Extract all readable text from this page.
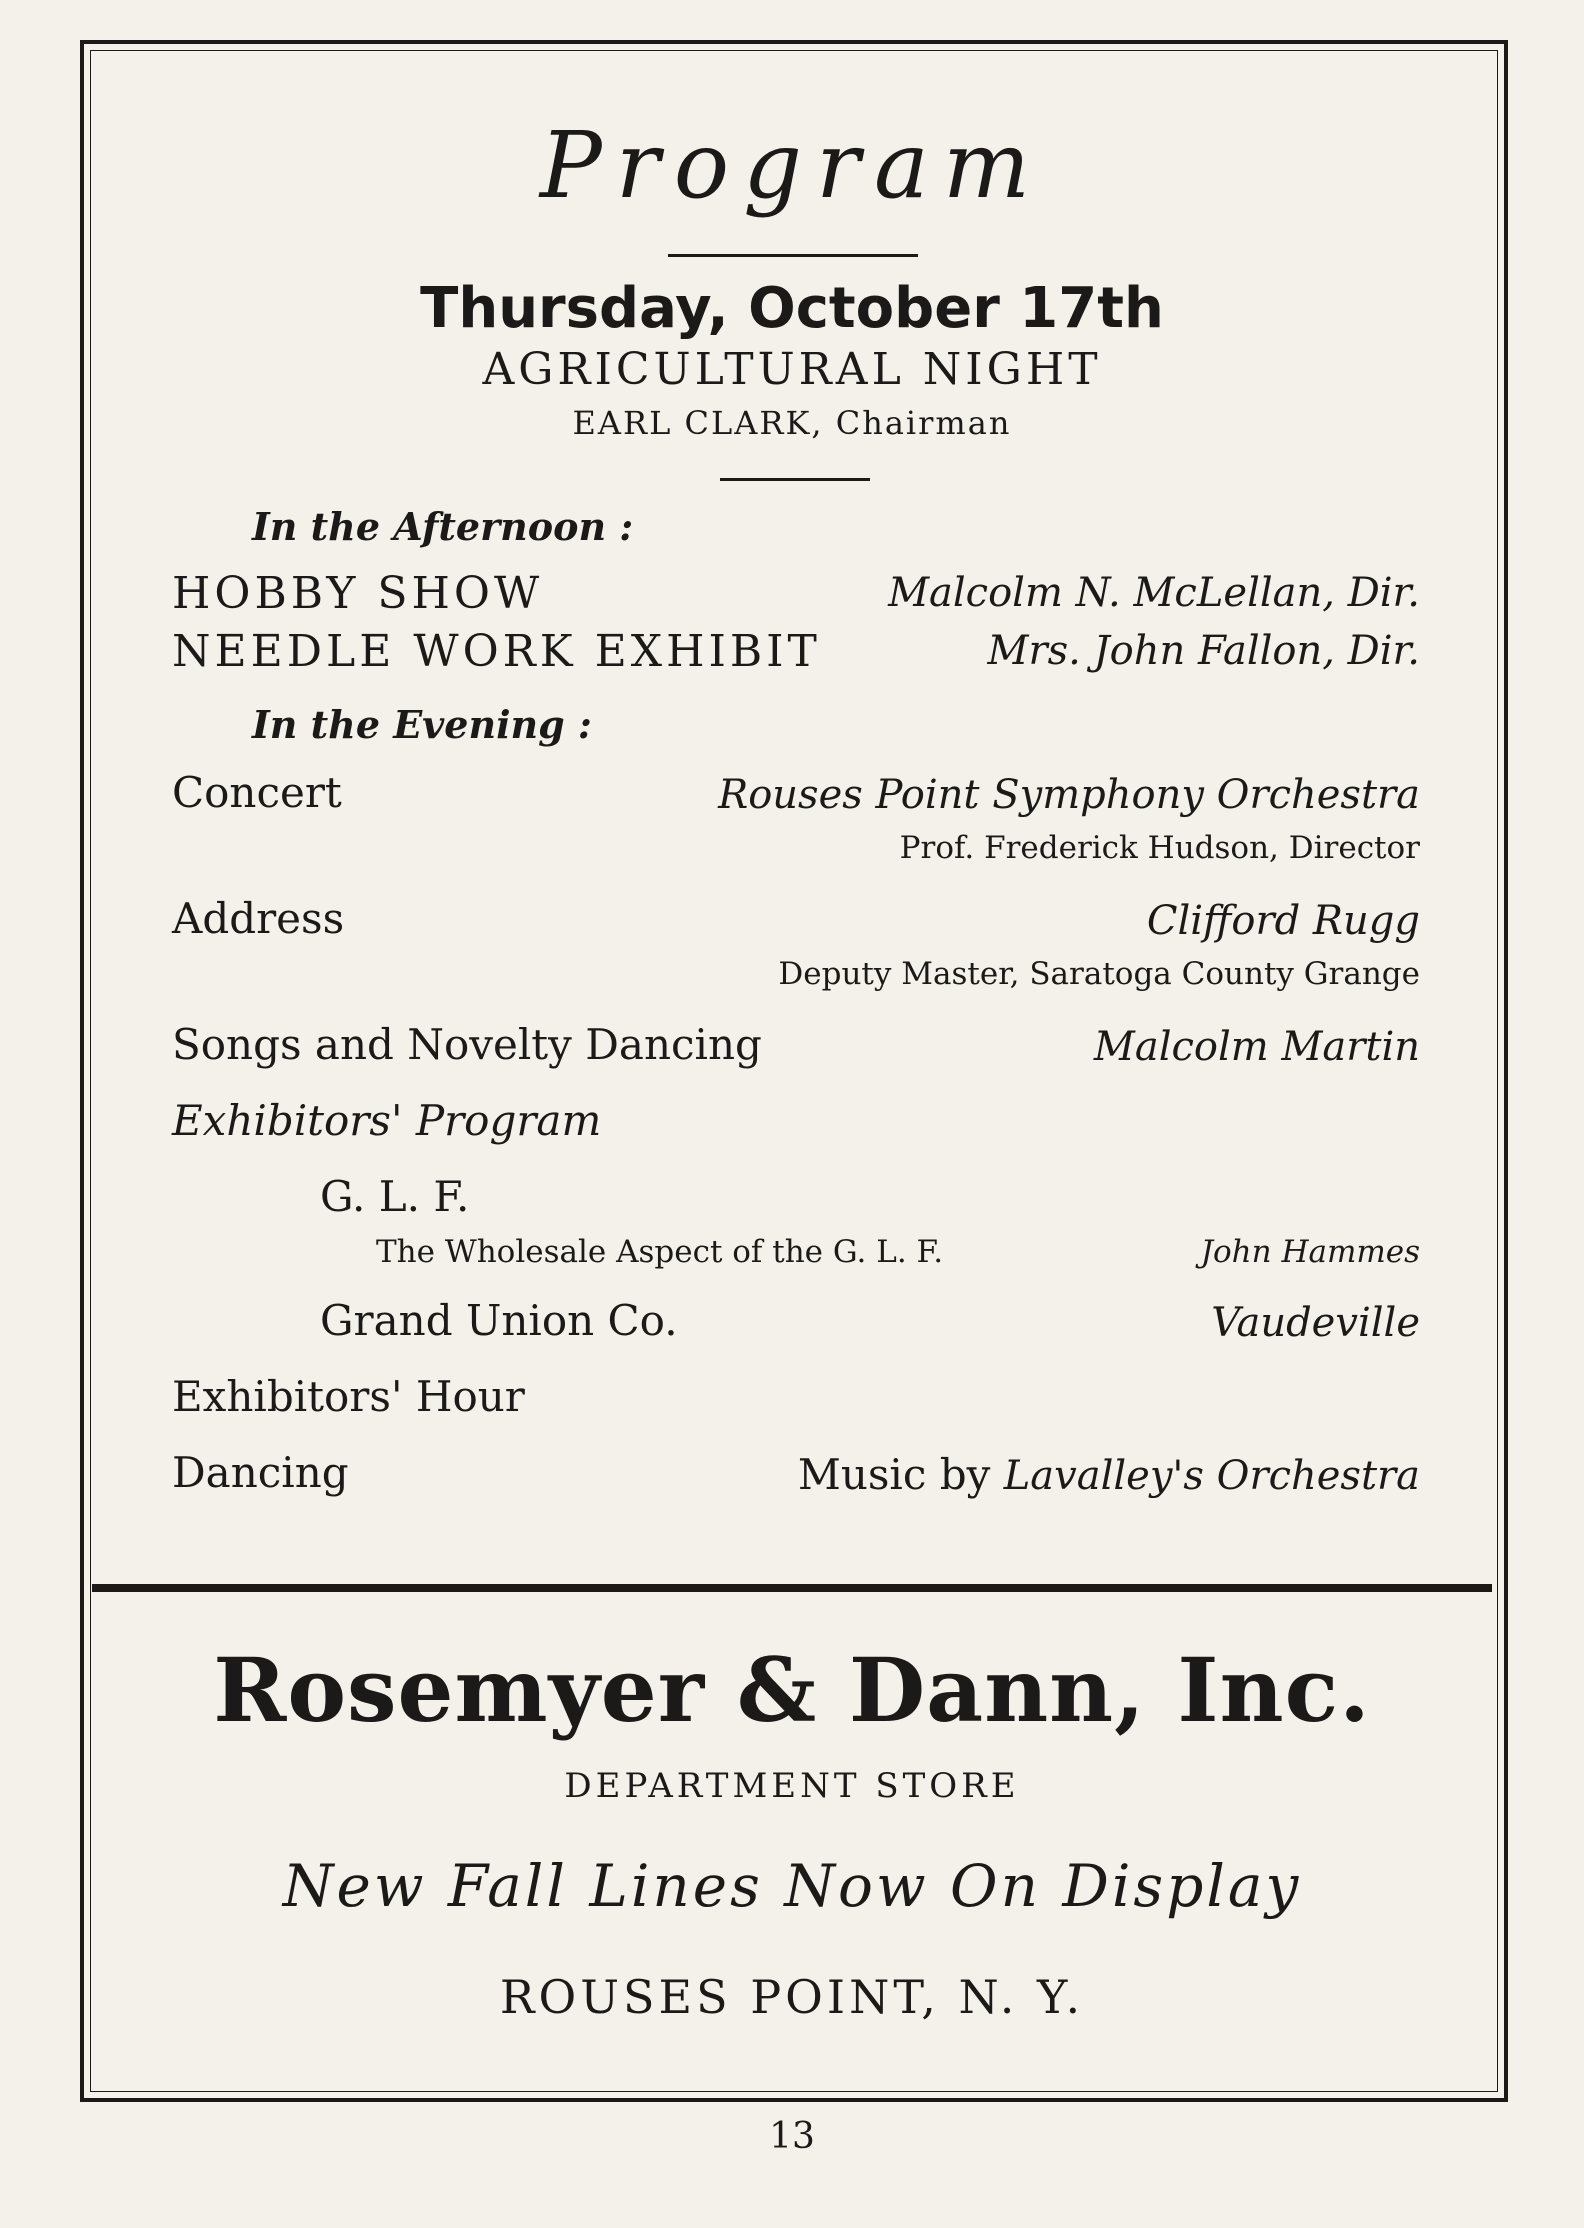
Program
Thursday, October 17th
AGRICULTURAL NIGHT
EARL CLARK, Chairman
In the Afternoon :
HOBBY SHOW	Malcolm N. McLellan, Dir.
NEEDLE WORK EXHIBIT	Mrs. John Fallon, Dir.
In the Evening :
Concert	Rouses Point Symphony Orchestra
Prof. Frederick Hudson, Director
Address	Clifford Rugg
Deputy Master, Saratoga County Grange
Songs and Novelty Dancing	Malcolm Martin
Exhibitors' Program
G. L. F.
The Wholesale Aspect of the G. L. F.	John Hammes
Grand Union Co.	Vaudeville
Exhibitors' Hour
Dancing	Music by Lavalley's Orchestra
Rosemyer & Dann, Inc.
DEPARTMENT STORE
New Fall Lines Now On Display
ROUSES POINT, N. Y.
13
